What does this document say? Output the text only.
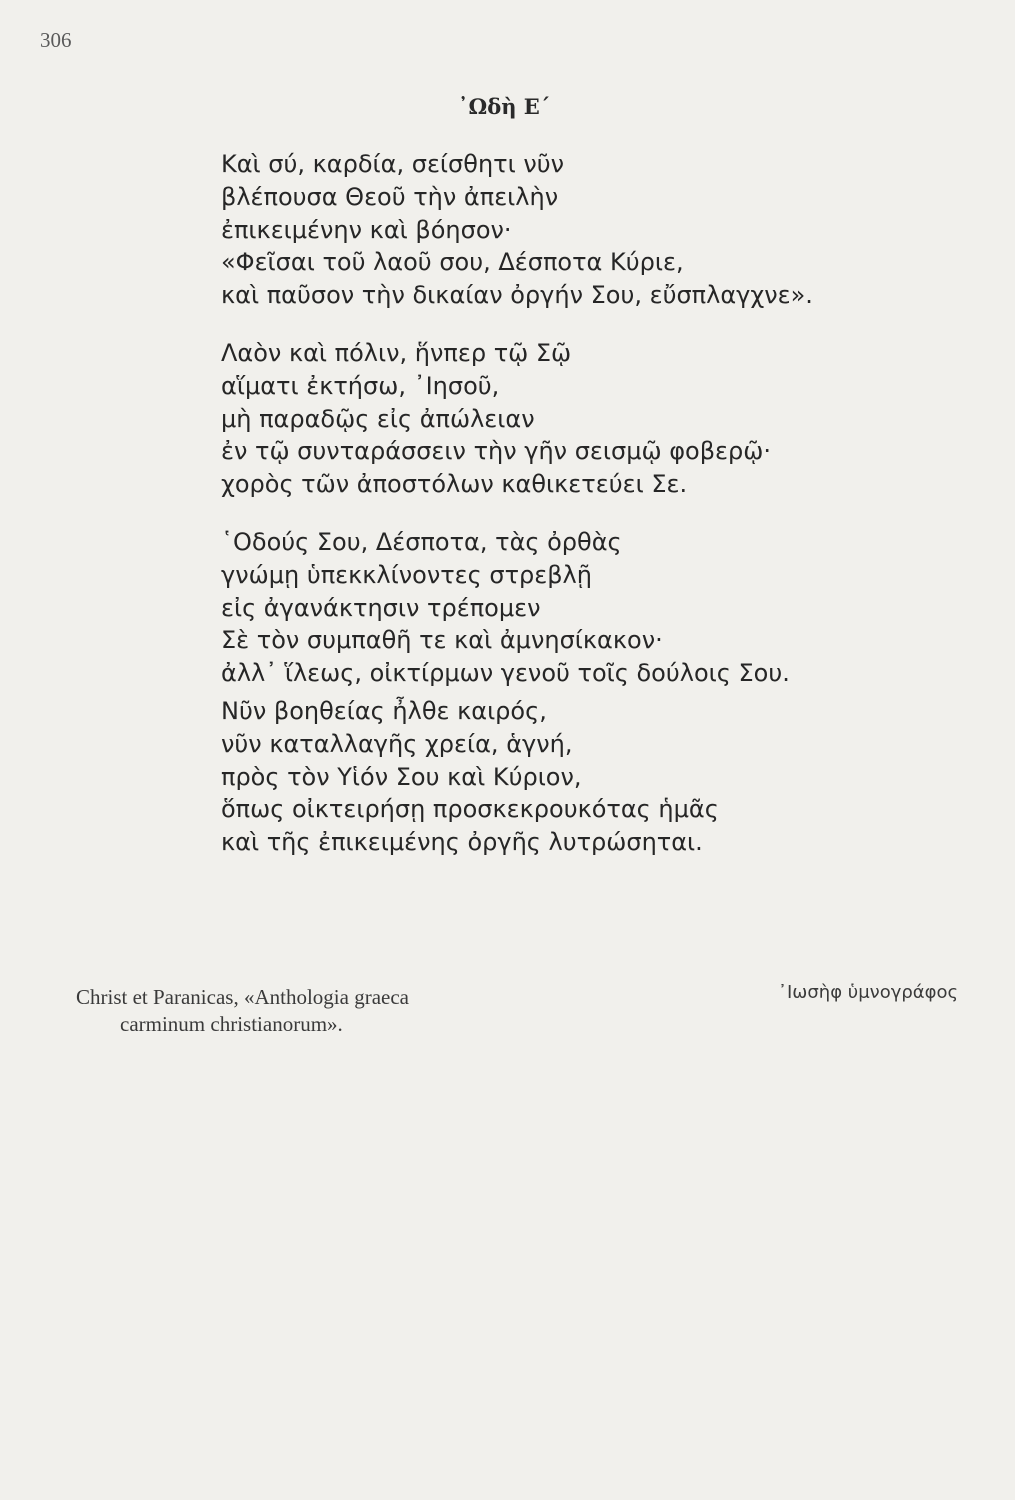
306
᾿Ωδὴ Ε΄
Καὶ σύ, καρδία, σείσθητι νῦν
βλέπουσα Θεοῦ τὴν ἀπειλὴν
ἐπικειμένην καὶ βόησον·
«Φεῖσαι τοῦ λαοῦ σου, Δέσποτα Κύριε,
καὶ παῦσον τὴν δικαίαν ὀργήν Σου, εὔσπλαγχνε».
Λαὸν καὶ πόλιν, ἥνπερ τῷ Σῷ
αἵματι ἐκτήσω, ᾿Ιησοῦ,
μὴ παραδῷς εἰς ἀπώλειαν
ἐν τῷ συνταράσσειν τὴν γῆν σεισμῷ φοβερῷ·
χορὸς τῶν ἀποστόλων καθικετεύει Σε.
῾Οδούς Σου, Δέσποτα, τὰς ὀρθὰς
γνώμῃ ὑπεκκλίνοντες στρεβλῇ
εἰς ἀγανάκτησιν τρέπομεν
Σὲ τὸν συμπαθῆ τε καὶ ἀμνησίκακον·
ἀλλ᾿ ἵλεως, οἰκτίρμων γενοῦ τοῖς δούλοις Σου.
Νῦν βοηθείας ἦλθε καιρός,
νῦν καταλλαγῆς χρεία, ἁγνή,
πρὸς τὸν Υἱόν Σου καὶ Κύριον,
ὅπως οἰκτειρήσῃ προσκεκρουκότας ἡμᾶς
καὶ τῆς ἐπικειμένης ὀργῆς λυτρώσηται.
Christ et Paranicas, «Anthologia graeca
carminum christianorum».
᾿Ιωσὴφ ὑμνογράφος
